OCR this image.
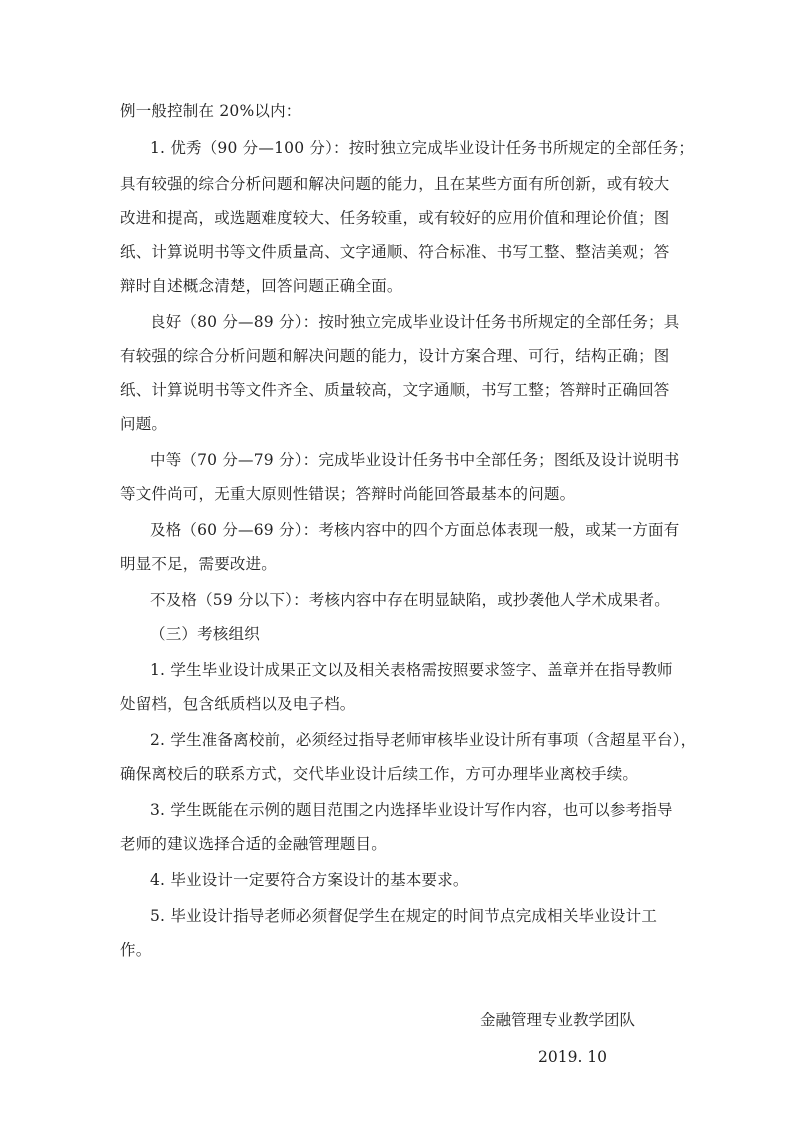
例一般控制在 20%以内：
1. 优秀（90 分—100 分）：按时独立完成毕业设计任务书所规定的全部任务；
具有较强的综合分析问题和解决问题的能力，且在某些方面有所创新，或有较大
改进和提高，或选题难度较大、任务较重，或有较好的应用价值和理论价值；图
纸、计算说明书等文件质量高、文字通顺、符合标准、书写工整、整洁美观；答
辩时自述概念清楚，回答问题正确全面。
良好（80 分—89 分）：按时独立完成毕业设计任务书所规定的全部任务；具
有较强的综合分析问题和解决问题的能力，设计方案合理、可行，结构正确；图
纸、计算说明书等文件齐全、质量较高，文字通顺，书写工整；答辩时正确回答
问题。
中等（70 分—79 分）：完成毕业设计任务书中全部任务；图纸及设计说明书
等文件尚可，无重大原则性错误；答辩时尚能回答最基本的问题。
及格（60 分—69 分）：考核内容中的四个方面总体表现一般，或某一方面有
明显不足，需要改进。
不及格（59 分以下）：考核内容中存在明显缺陷，或抄袭他人学术成果者。
（三）考核组织
1. 学生毕业设计成果正文以及相关表格需按照要求签字、盖章并在指导教师
处留档，包含纸质档以及电子档。
2. 学生准备离校前，必须经过指导老师审核毕业设计所有事项（含超星平台），
确保离校后的联系方式，交代毕业设计后续工作，方可办理毕业离校手续。
3. 学生既能在示例的题目范围之内选择毕业设计写作内容，也可以参考指导
老师的建议选择合适的金融管理题目。
4. 毕业设计一定要符合方案设计的基本要求。
5. 毕业设计指导老师必须督促学生在规定的时间节点完成相关毕业设计工
作。
金融管理专业教学团队
2019. 10
